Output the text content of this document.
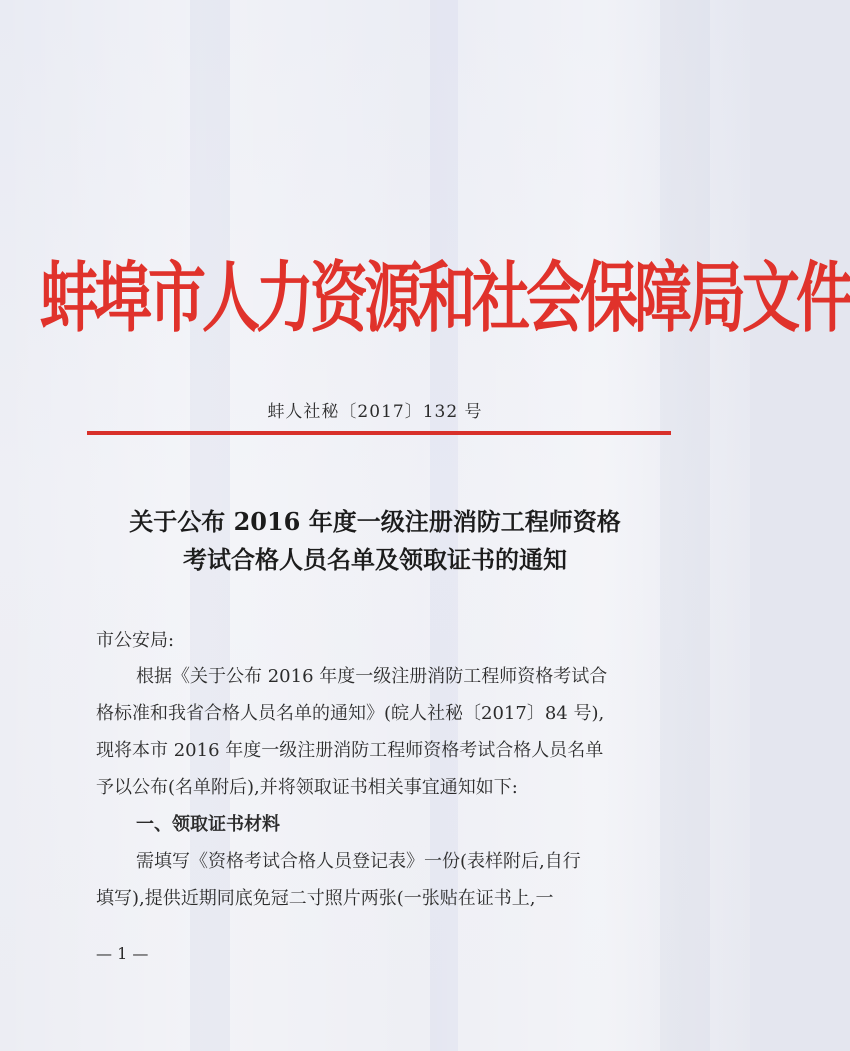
蚌埠市人力资源和社会保障局文件
蚌人社秘〔2017〕132 号
关于公布 2016 年度一级注册消防工程师资格
考试合格人员名单及领取证书的通知
市公安局:
根据《关于公布 2016 年度一级注册消防工程师资格考试合
格标准和我省合格人员名单的通知》(皖人社秘〔2017〕84 号),
现将本市 2016 年度一级注册消防工程师资格考试合格人员名单
予以公布(名单附后),并将领取证书相关事宜通知如下:
一、领取证书材料
需填写《资格考试合格人员登记表》一份(表样附后,自行
填写),提供近期同底免冠二寸照片两张(一张贴在证书上,一
— 1 —
